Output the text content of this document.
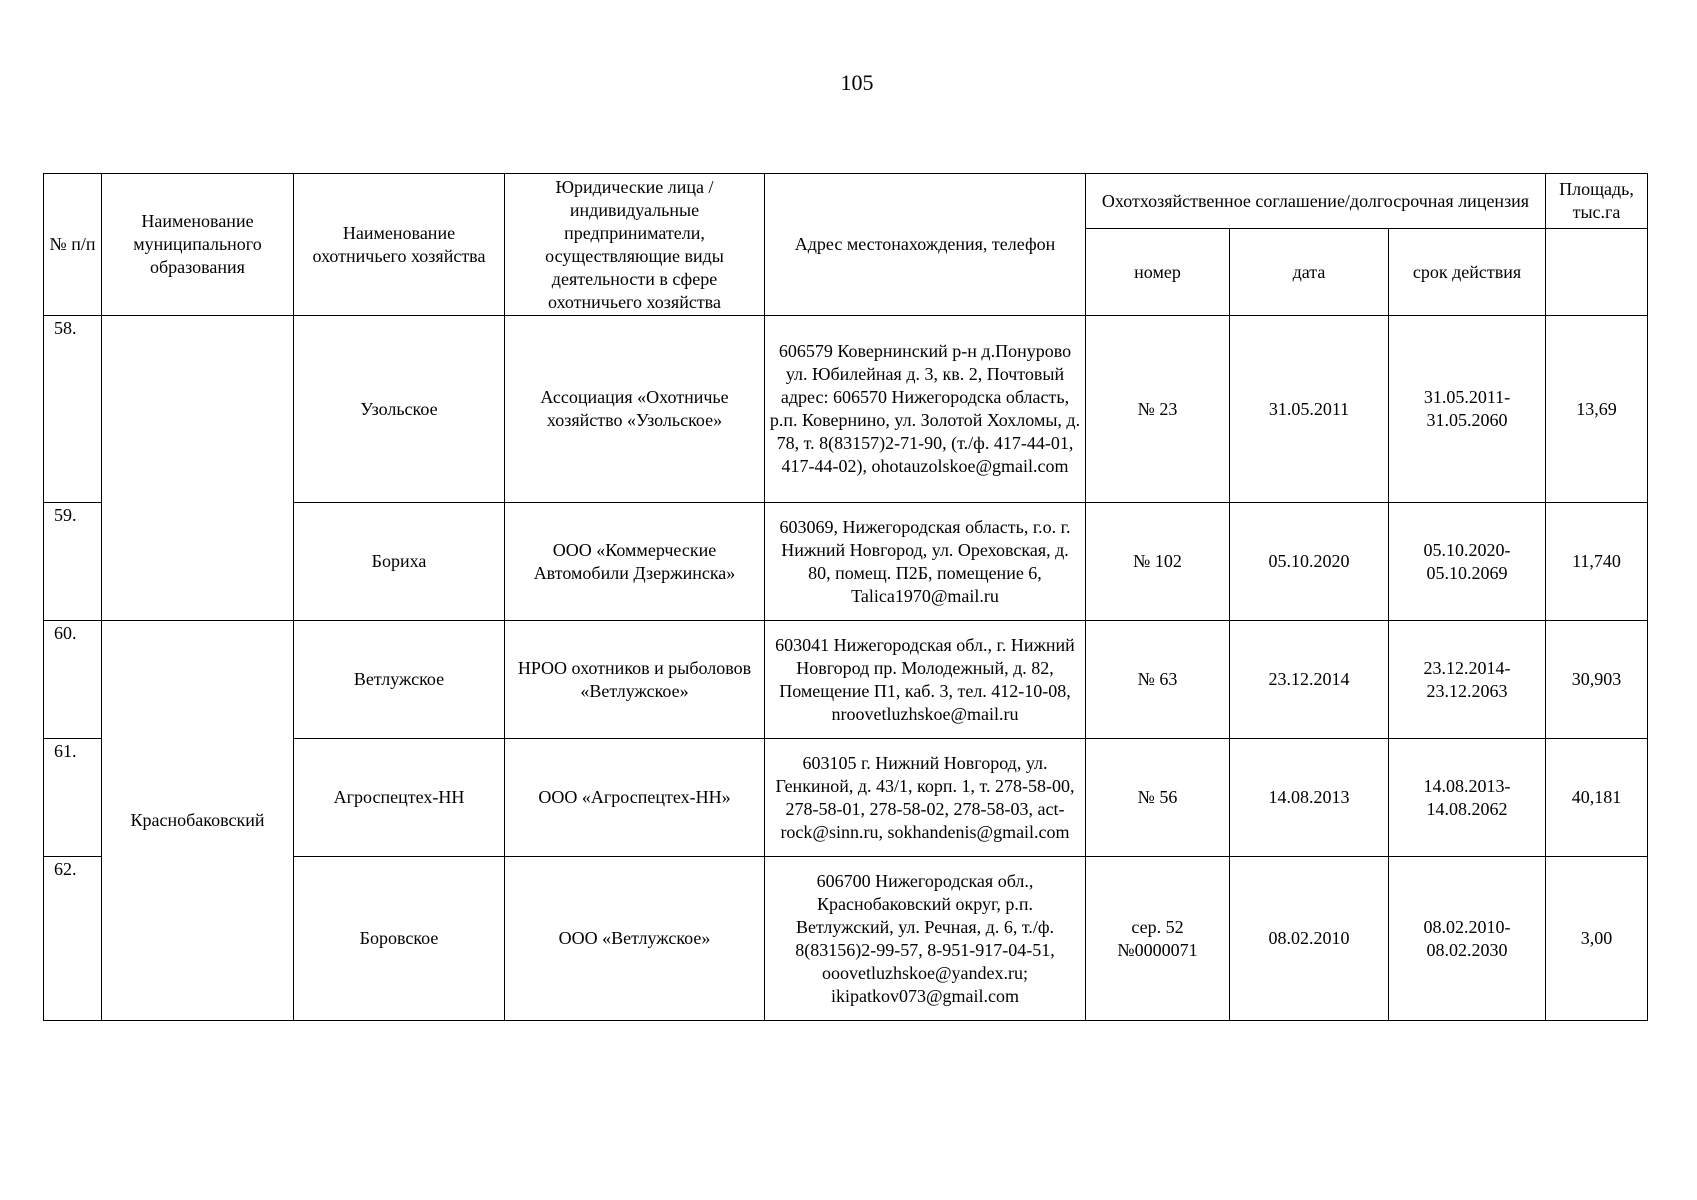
105
№ п/п	Наименование муниципального образования	Наименование охотничьего хозяйства	Юридические лица / индивидуальные предприниматели, осуществляющие виды деятельности в сфере охотничьего хозяйства	Адрес местонахождения, телефон	Охотхозяйственное соглашение/долгосрочная лицензия			Площадь, тыс.га
					номер	дата	срок действия	
58.		Узольское	Ассоциация «Охотничье хозяйство «Узольское»	606579 Ковернинский р-н д.Понурово ул. Юбилейная д. 3, кв. 2, Почтовый адрес: 606570 Нижегородска область, р.п. Ковернино, ул. Золотой Хохломы, д. 78, т. 8(83157)2-71-90, (т./ф. 417-44-01, 417-44-02), ohotauzolskoe@gmail.com	№ 23	31.05.2011	31.05.2011-31.05.2060	13,69
59.		Бориха	ООО «Коммерческие Автомобили Дзержинска»	603069, Нижегородская область, г.о. г. Нижний Новгород, ул. Ореховская, д. 80, помещ. П2Б, помещение 6, Talica1970@mail.ru	№ 102	05.10.2020	05.10.2020-05.10.2069	11,740
60.	Краснобаковский	Ветлужское	НРОО охотников и рыболовов «Ветлужское»	603041 Нижегородская обл., г. Нижний Новгород пр. Молодежный, д. 82, Помещение П1, каб. 3, тел. 412-10-08, nroovetluzhskoe@mail.ru	№ 63	23.12.2014	23.12.2014-23.12.2063	30,903
61.		Агроспецтех-НН	ООО «Агроспецтех-НН»	603105 г. Нижний Новгород, ул. Генкиной, д. 43/1, корп. 1, т. 278-58-00, 278-58-01, 278-58-02, 278-58-03, act-rock@sinn.ru, sokhandenis@gmail.com	№ 56	14.08.2013	14.08.2013-14.08.2062	40,181
62.		Боровское	ООО «Ветлужское»	606700 Нижегородская обл., Краснобаковский округ, р.п. Ветлужский, ул. Речная, д. 6, т./ф. 8(83156)2-99-57, 8-951-917-04-51, ooovetluzhskoe@yandex.ru; ikipatkov073@gmail.com	сер. 52 №0000071	08.02.2010	08.02.2010-08.02.2030	3,00
